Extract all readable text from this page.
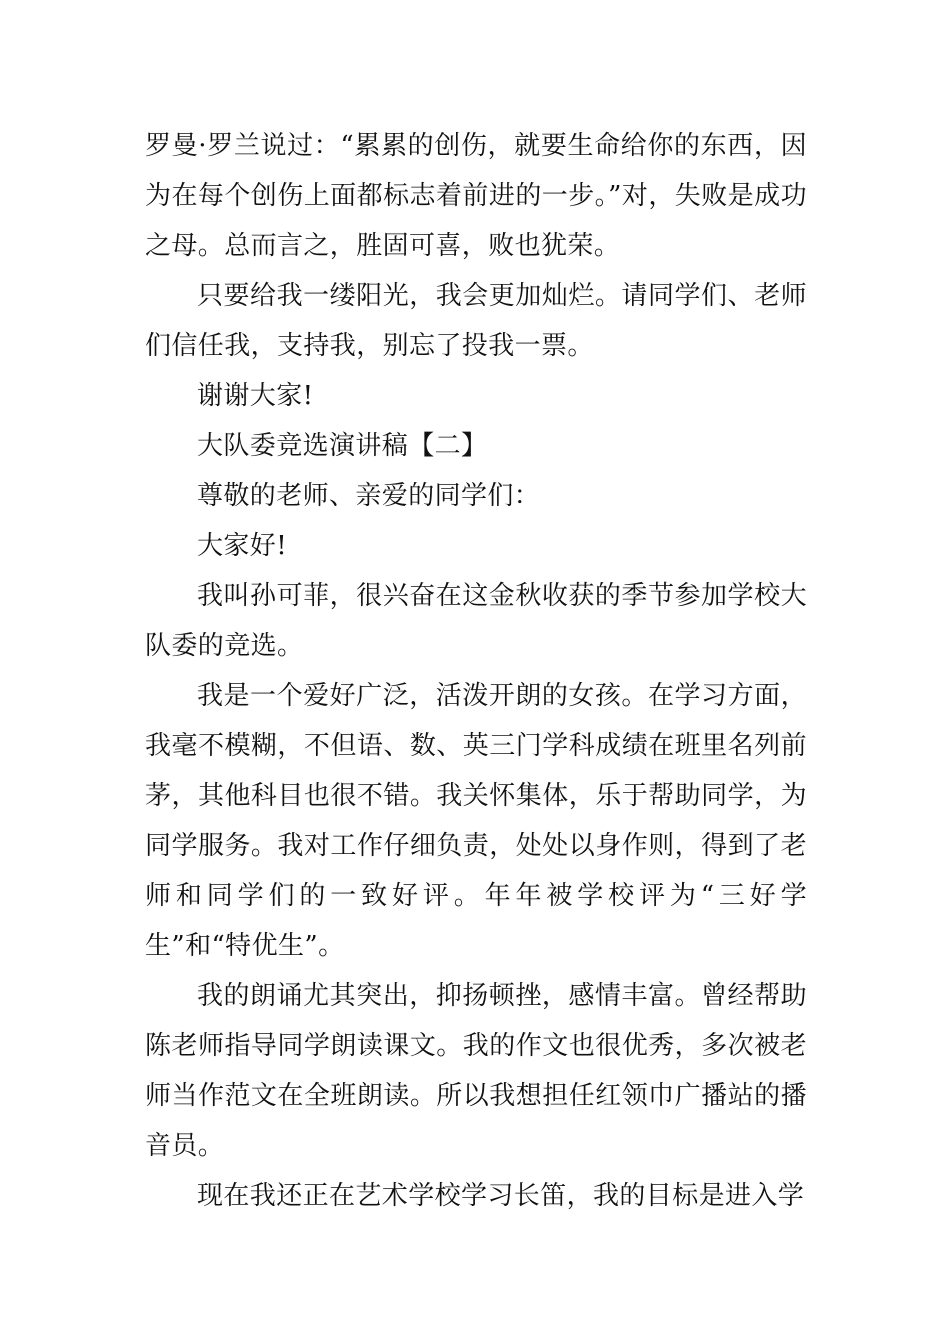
罗曼·罗兰说过：“累累的创伤，就要生命给你的东西，因为在每个创伤上面都标志着前进的一步。”对，失败是成功之母。总而言之，胜固可喜，败也犹荣。

只要给我一缕阳光，我会更加灿烂。请同学们、老师们信任我，支持我，别忘了投我一票。

谢谢大家!

大队委竞选演讲稿【二】

尊敬的老师、亲爱的同学们：

大家好!

我叫孙可菲，很兴奋在这金秋收获的季节参加学校大队委的竞选。

我是一个爱好广泛，活泼开朗的女孩。在学习方面，我毫不模糊，不但语、数、英三门学科成绩在班里名列前茅，其他科目也很不错。我关怀集体，乐于帮助同学，为同学服务。我对工作仔细负责，处处以身作则，得到了老师和同学们的一致好评。年年被学校评为“三好学生”和“特优生”。

我的朗诵尤其突出，抑扬顿挫，感情丰富。曾经帮助陈老师指导同学朗读课文。我的作文也很优秀，多次被老师当作范文在全班朗读。所以我想担任红领巾广播站的播音员。

现在我还正在艺术学校学习长笛，我的目标是进入学
